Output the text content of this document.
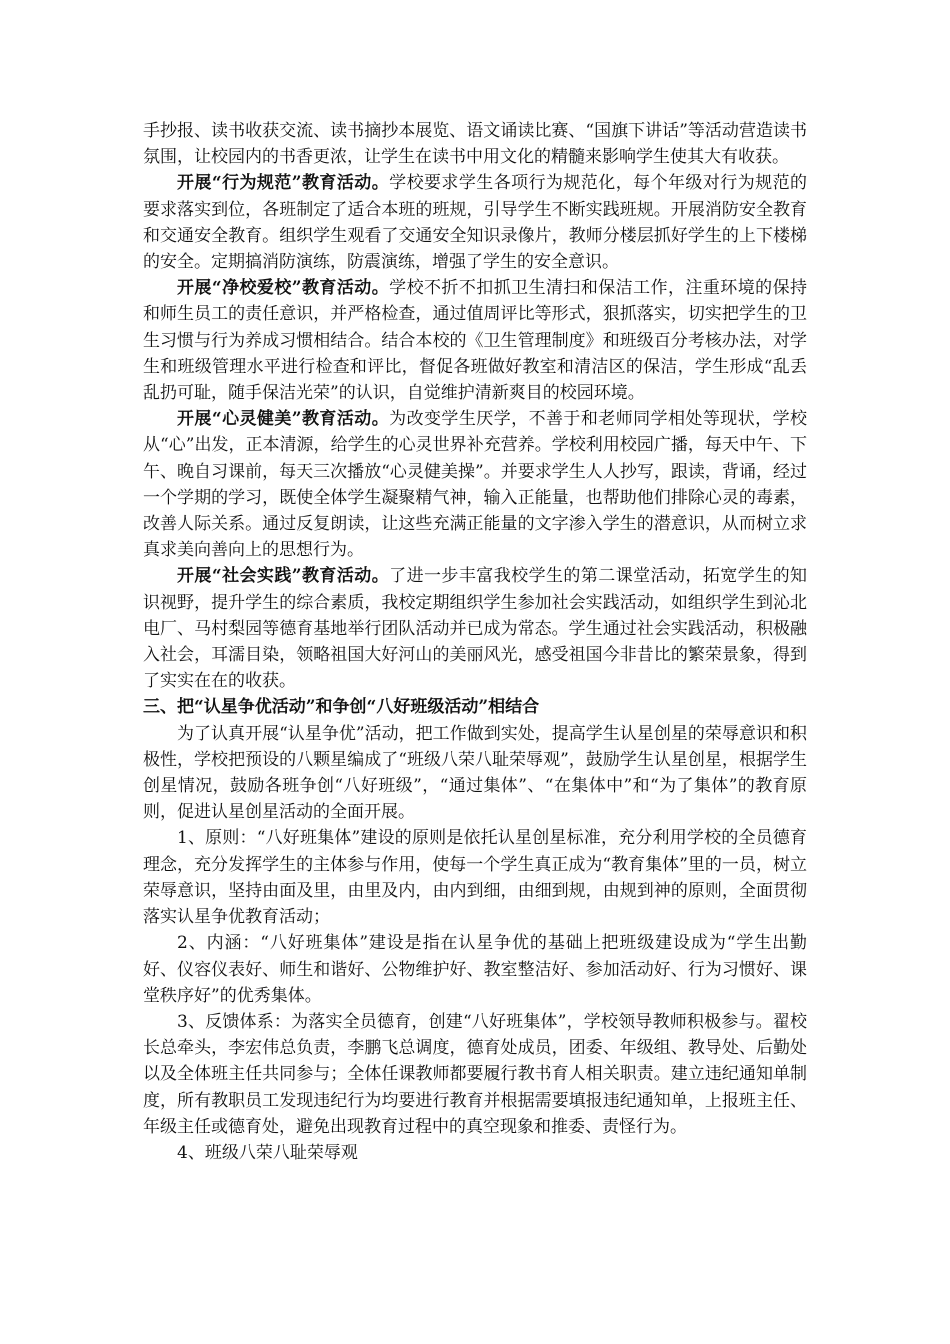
手抄报、读书收获交流、读书摘抄本展览、语文诵读比赛、“国旗下讲话”等活动营造读书氛围，让校园内的书香更浓，让学生在读书中用文化的精髓来影响学生使其大有收获。

开展“行为规范”教育活动。学校要求学生各项行为规范化，每个年级对行为规范的要求落实到位，各班制定了适合本班的班规，引导学生不断实践班规。开展消防安全教育和交通安全教育。组织学生观看了交通安全知识录像片，教师分楼层抓好学生的上下楼梯的安全。定期搞消防演练，防震演练，增强了学生的安全意识。

开展“净校爱校”教育活动。学校不折不扣抓卫生清扫和保洁工作，注重环境的保持和师生员工的责任意识，并严格检查，通过值周评比等形式，狠抓落实，切实把学生的卫生习惯与行为养成习惯相结合。结合本校的《卫生管理制度》和班级百分考核办法，对学生和班级管理水平进行检查和评比，督促各班做好教室和清洁区的保洁，学生形成“乱丢乱扔可耻，随手保洁光荣”的认识，自觉维护清新爽目的校园环境。

开展“心灵健美”教育活动。为改变学生厌学，不善于和老师同学相处等现状，学校从“心”出发，正本清源，给学生的心灵世界补充营养。学校利用校园广播，每天中午、下午、晚自习课前，每天三次播放“心灵健美操”。并要求学生人人抄写，跟读，背诵，经过一个学期的学习，既使全体学生凝聚精气神，输入正能量，也帮助他们排除心灵的毒素，改善人际关系。通过反复朗读，让这些充满正能量的文字渗入学生的潜意识，从而树立求真求美向善向上的思想行为。

开展“社会实践”教育活动。了进一步丰富我校学生的第二课堂活动，拓宽学生的知识视野，提升学生的综合素质，我校定期组织学生参加社会实践活动，如组织学生到沁北电厂、马村梨园等德育基地举行团队活动并已成为常态。学生通过社会实践活动，积极融入社会，耳濡目染，领略祖国大好河山的美丽风光，感受祖国今非昔比的繁荣景象，得到了实实在在的收获。

三、把“认星争优活动”和争创“八好班级活动”相结合

为了认真开展“认星争优”活动，把工作做到实处，提高学生认星创星的荣辱意识和积极性，学校把预设的八颗星编成了“班级八荣八耻荣辱观”，鼓励学生认星创星，根据学生创星情况，鼓励各班争创“八好班级”，“通过集体”、“在集体中”和“为了集体”的教育原则，促进认星创星活动的全面开展。

1、原则：“八好班集体”建设的原则是依托认星创星标准，充分利用学校的全员德育理念，充分发挥学生的主体参与作用，使每一个学生真正成为“教育集体”里的一员，树立荣辱意识，坚持由面及里，由里及内，由内到细，由细到规，由规到神的原则，全面贯彻落实认星争优教育活动；

2、内涵：“八好班集体”建设是指在认星争优的基础上把班级建设成为“学生出勤好、仪容仪表好、师生和谐好、公物维护好、教室整洁好、参加活动好、行为习惯好、课堂秩序好”的优秀集体。

3、反馈体系：为落实全员德育，创建“八好班集体”，学校领导教师积极参与。翟校长总牵头，李宏伟总负责，李鹏飞总调度，德育处成员，团委、年级组、教导处、后勤处以及全体班主任共同参与；全体任课教师都要履行教书育人相关职责。建立违纪通知单制度，所有教职员工发现违纪行为均要进行教育并根据需要填报违纪通知单，上报班主任、年级主任或德育处，避免出现教育过程中的真空现象和推委、责怪行为。

4、班级八荣八耻荣辱观
